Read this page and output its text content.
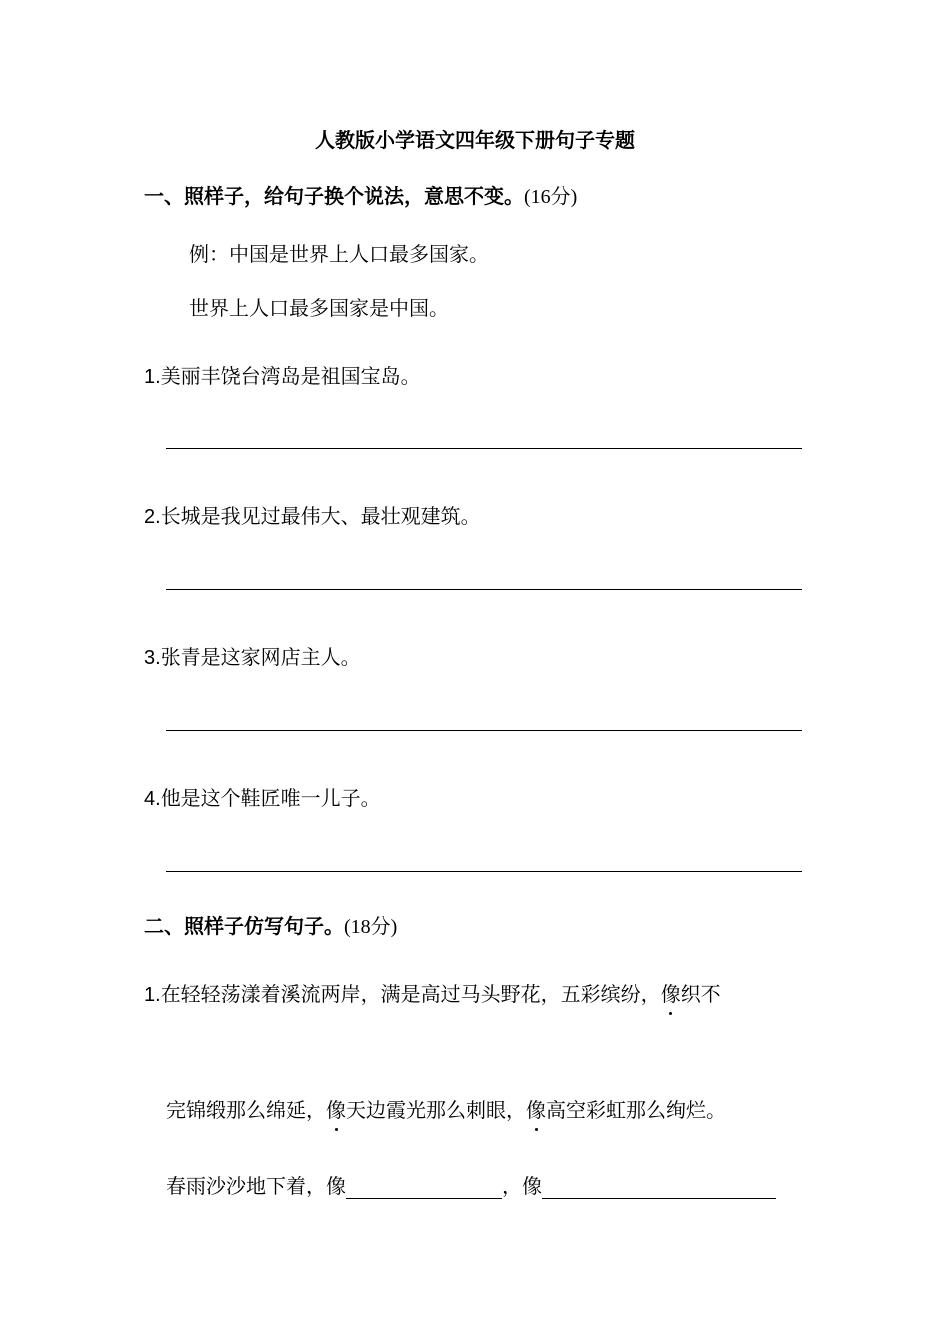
人教版小学语文四年级下册句子专题
一、照样子，给句子换个说法，意思不变。(16分)
例：中国是世界上人口最多国家。
世界上人口最多国家是中国。
1.美丽丰饶台湾岛是祖国宝岛。
2.长城是我见过最伟大、最壮观建筑。
3.张青是这家网店主人。
4.他是这个鞋匠唯一儿子。
二、照样子仿写句子。(18分)
1.在轻轻荡漾着溪流两岸，满是高过马头野花，五彩缤纷，像织不
完锦缎那么绵延，像天边霞光那么刺眼，像高空彩虹那么绚烂。
春雨沙沙地下着，像	，像
